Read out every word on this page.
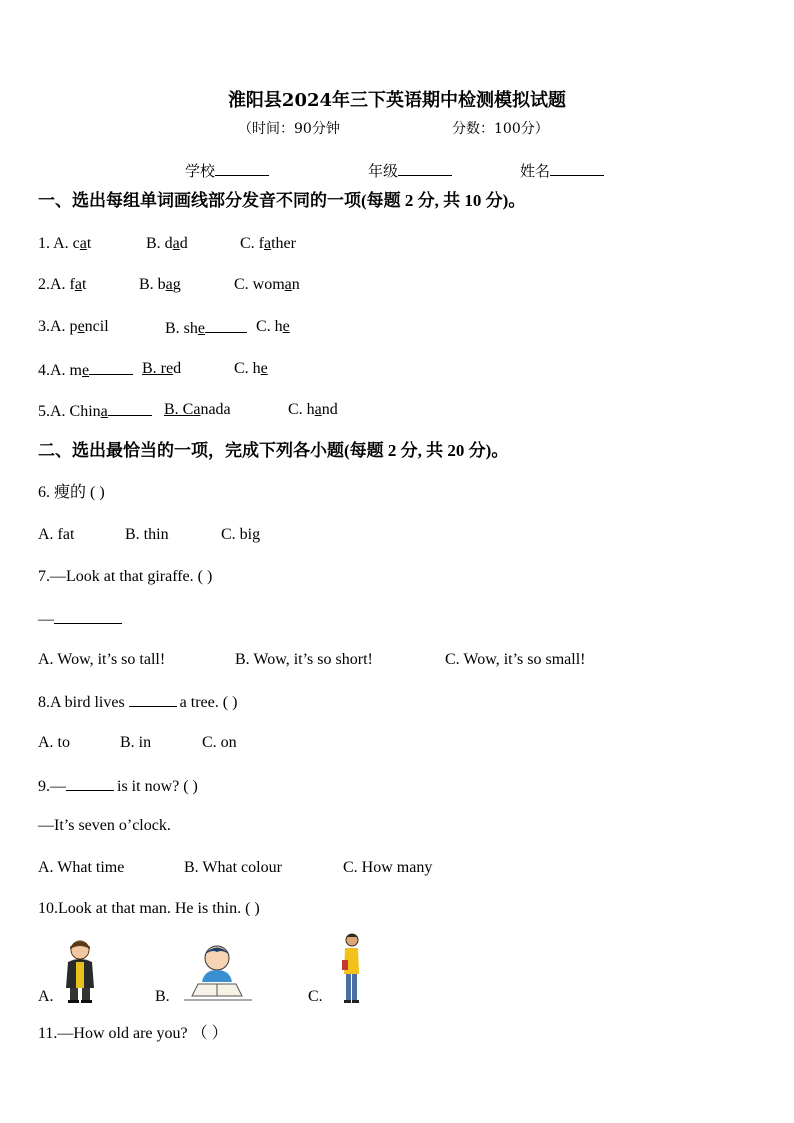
淮阳县2024年三下英语期中检测模拟试题
（时间：90分钟	分数：100分）
学校	年级	姓名
一、选出每组单词画线部分发音不同的一项(每题 2 分, 共 10 分)。
1. A. cat	B. dad	C. father
2.A. fat	B. bag	C. woman
3.A. pencil	B. she	C. he
4.A. me	B. red	C. he
5.A. China	B. Canada	C. hand
二、选出最恰当的一项，完成下列各小题(每题 2 分, 共 20 分)。
6. 瘦的 ( )
A. fat	B. thin	C. big
7.—Look at that giraffe. ( )
—
A. Wow, it’s so tall!	B. Wow, it’s so short!	C. Wow, it’s so small!
8.A bird lives	a tree. ( )
A. to	B. in	C. on
9.—	is it now? ( )
—It’s seven o’clock.
A. What time	B. What colour	C. How many
10.Look at that man. He is thin. ( )
A.	B.	C.
11.—How old are you? （ ）
